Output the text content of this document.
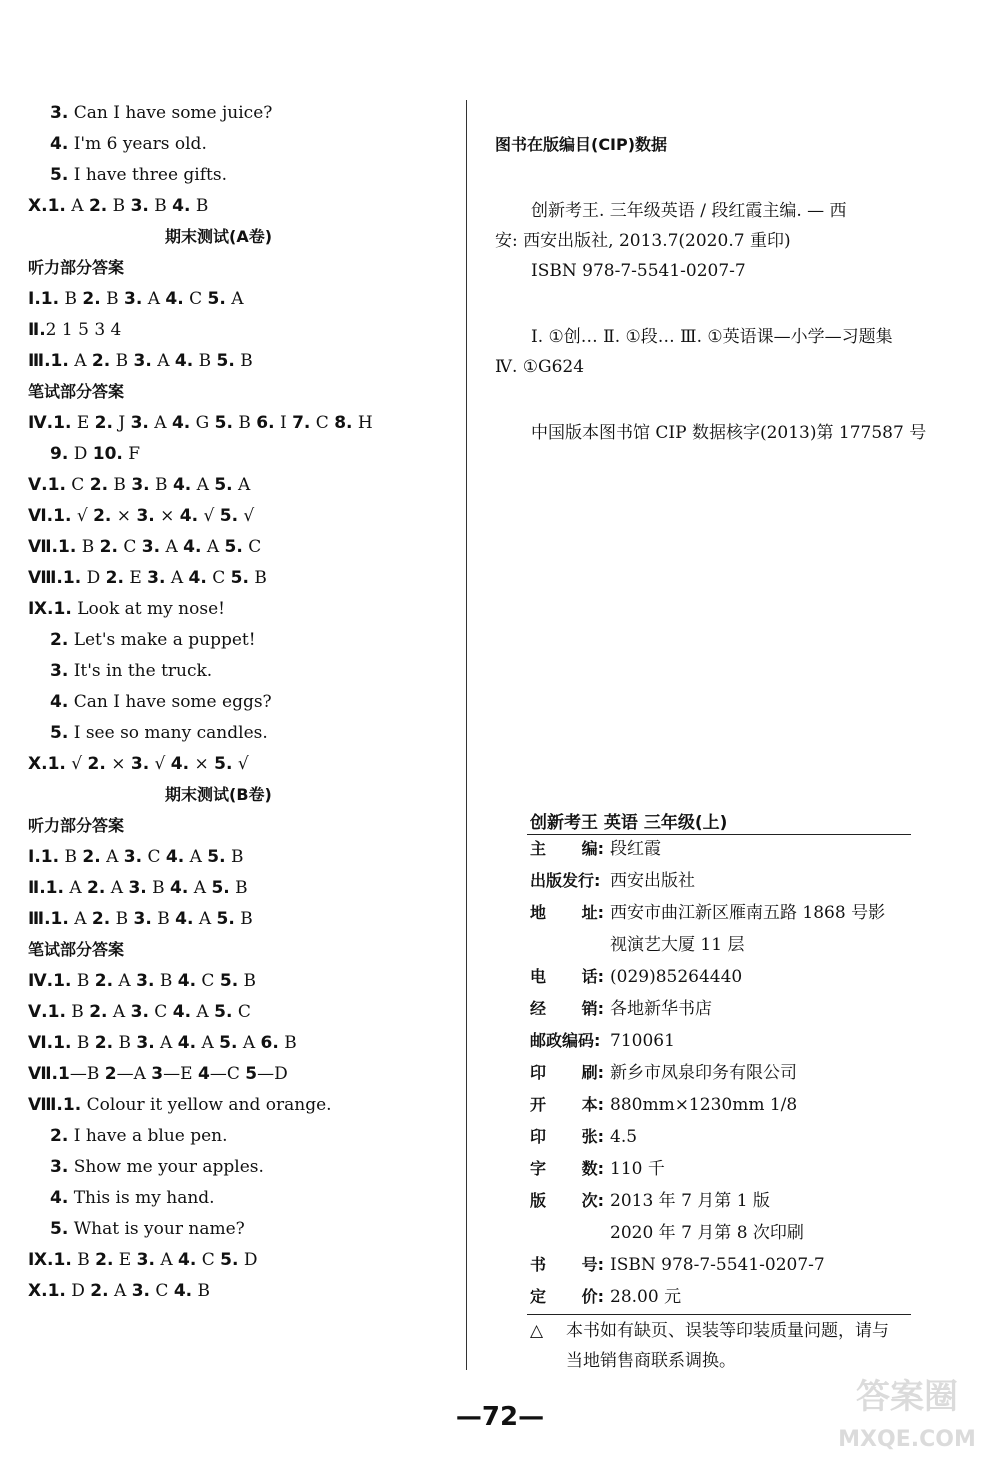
3. Can I have some juice?
4. I'm 6 years old.
5. I have three gifts.
Ⅹ.1. A 2. B 3. B 4. B
期末测试(A卷)
听力部分答案
Ⅰ.1. B 2. B 3. A 4. C 5. A
Ⅱ.2 1 5 3 4
Ⅲ.1. A 2. B 3. A 4. B 5. B
笔试部分答案
Ⅳ.1. E 2. J 3. A 4. G 5. B 6. I 7. C 8. H
9. D 10. F
Ⅴ.1. C 2. B 3. B 4. A 5. A
Ⅵ.1. √ 2. × 3. × 4. √ 5. √
Ⅶ.1. B 2. C 3. A 4. A 5. C
Ⅷ.1. D 2. E 3. A 4. C 5. B
Ⅸ.1. Look at my nose!
2. Let's make a puppet!
3. It's in the truck.
4. Can I have some eggs?
5. I see so many candles.
Ⅹ.1. √ 2. × 3. √ 4. × 5. √
期末测试(B卷)
听力部分答案
Ⅰ.1. B 2. A 3. C 4. A 5. B
Ⅱ.1. A 2. A 3. B 4. A 5. B
Ⅲ.1. A 2. B 3. B 4. A 5. B
笔试部分答案
Ⅳ.1. B 2. A 3. B 4. C 5. B
Ⅴ.1. B 2. A 3. C 4. A 5. C
Ⅵ.1. B 2. B 3. A 4. A 5. A 6. B
Ⅶ.1—B 2—A 3—E 4—C 5—D
Ⅷ.1. Colour it yellow and orange.
2. I have a blue pen.
3. Show me your apples.
4. This is my hand.
5. What is your name?
Ⅸ.1. B 2. E 3. A 4. C 5. D
Ⅹ.1. D 2. A 3. C 4. B
图书在版编目(CIP)数据
创新考王. 三年级英语 / 段红霞主编. — 西
安: 西安出版社, 2013.7(2020.7 重印)
ISBN 978-7-5541-0207-7
Ⅰ. ①创… Ⅱ. ①段… Ⅲ. ①英语课—小学—习题集
Ⅳ. ①G624
中国版本图书馆 CIP 数据核字(2013)第 177587 号
创新考王 英语 三年级(上)
主 编: 段红霞
出版发行: 西安出版社
地 址: 西安市曲江新区雁南五路 1868 号影
视演艺大厦 11 层
电 话: (029)85264440
经 销: 各地新华书店
邮政编码: 710061
印 刷: 新乡市凤泉印务有限公司
开 本: 880mm×1230mm 1/8
印 张: 4.5
字 数: 110 千
版 次: 2013 年 7 月第 1 版
2020 年 7 月第 8 次印刷
书 号: ISBN 978-7-5541-0207-7
定 价: 28.00 元
△ 本书如有缺页、误装等印装质量问题，请与
当地销售商联系调换。
—72—	答案圈
MXQE.COM
